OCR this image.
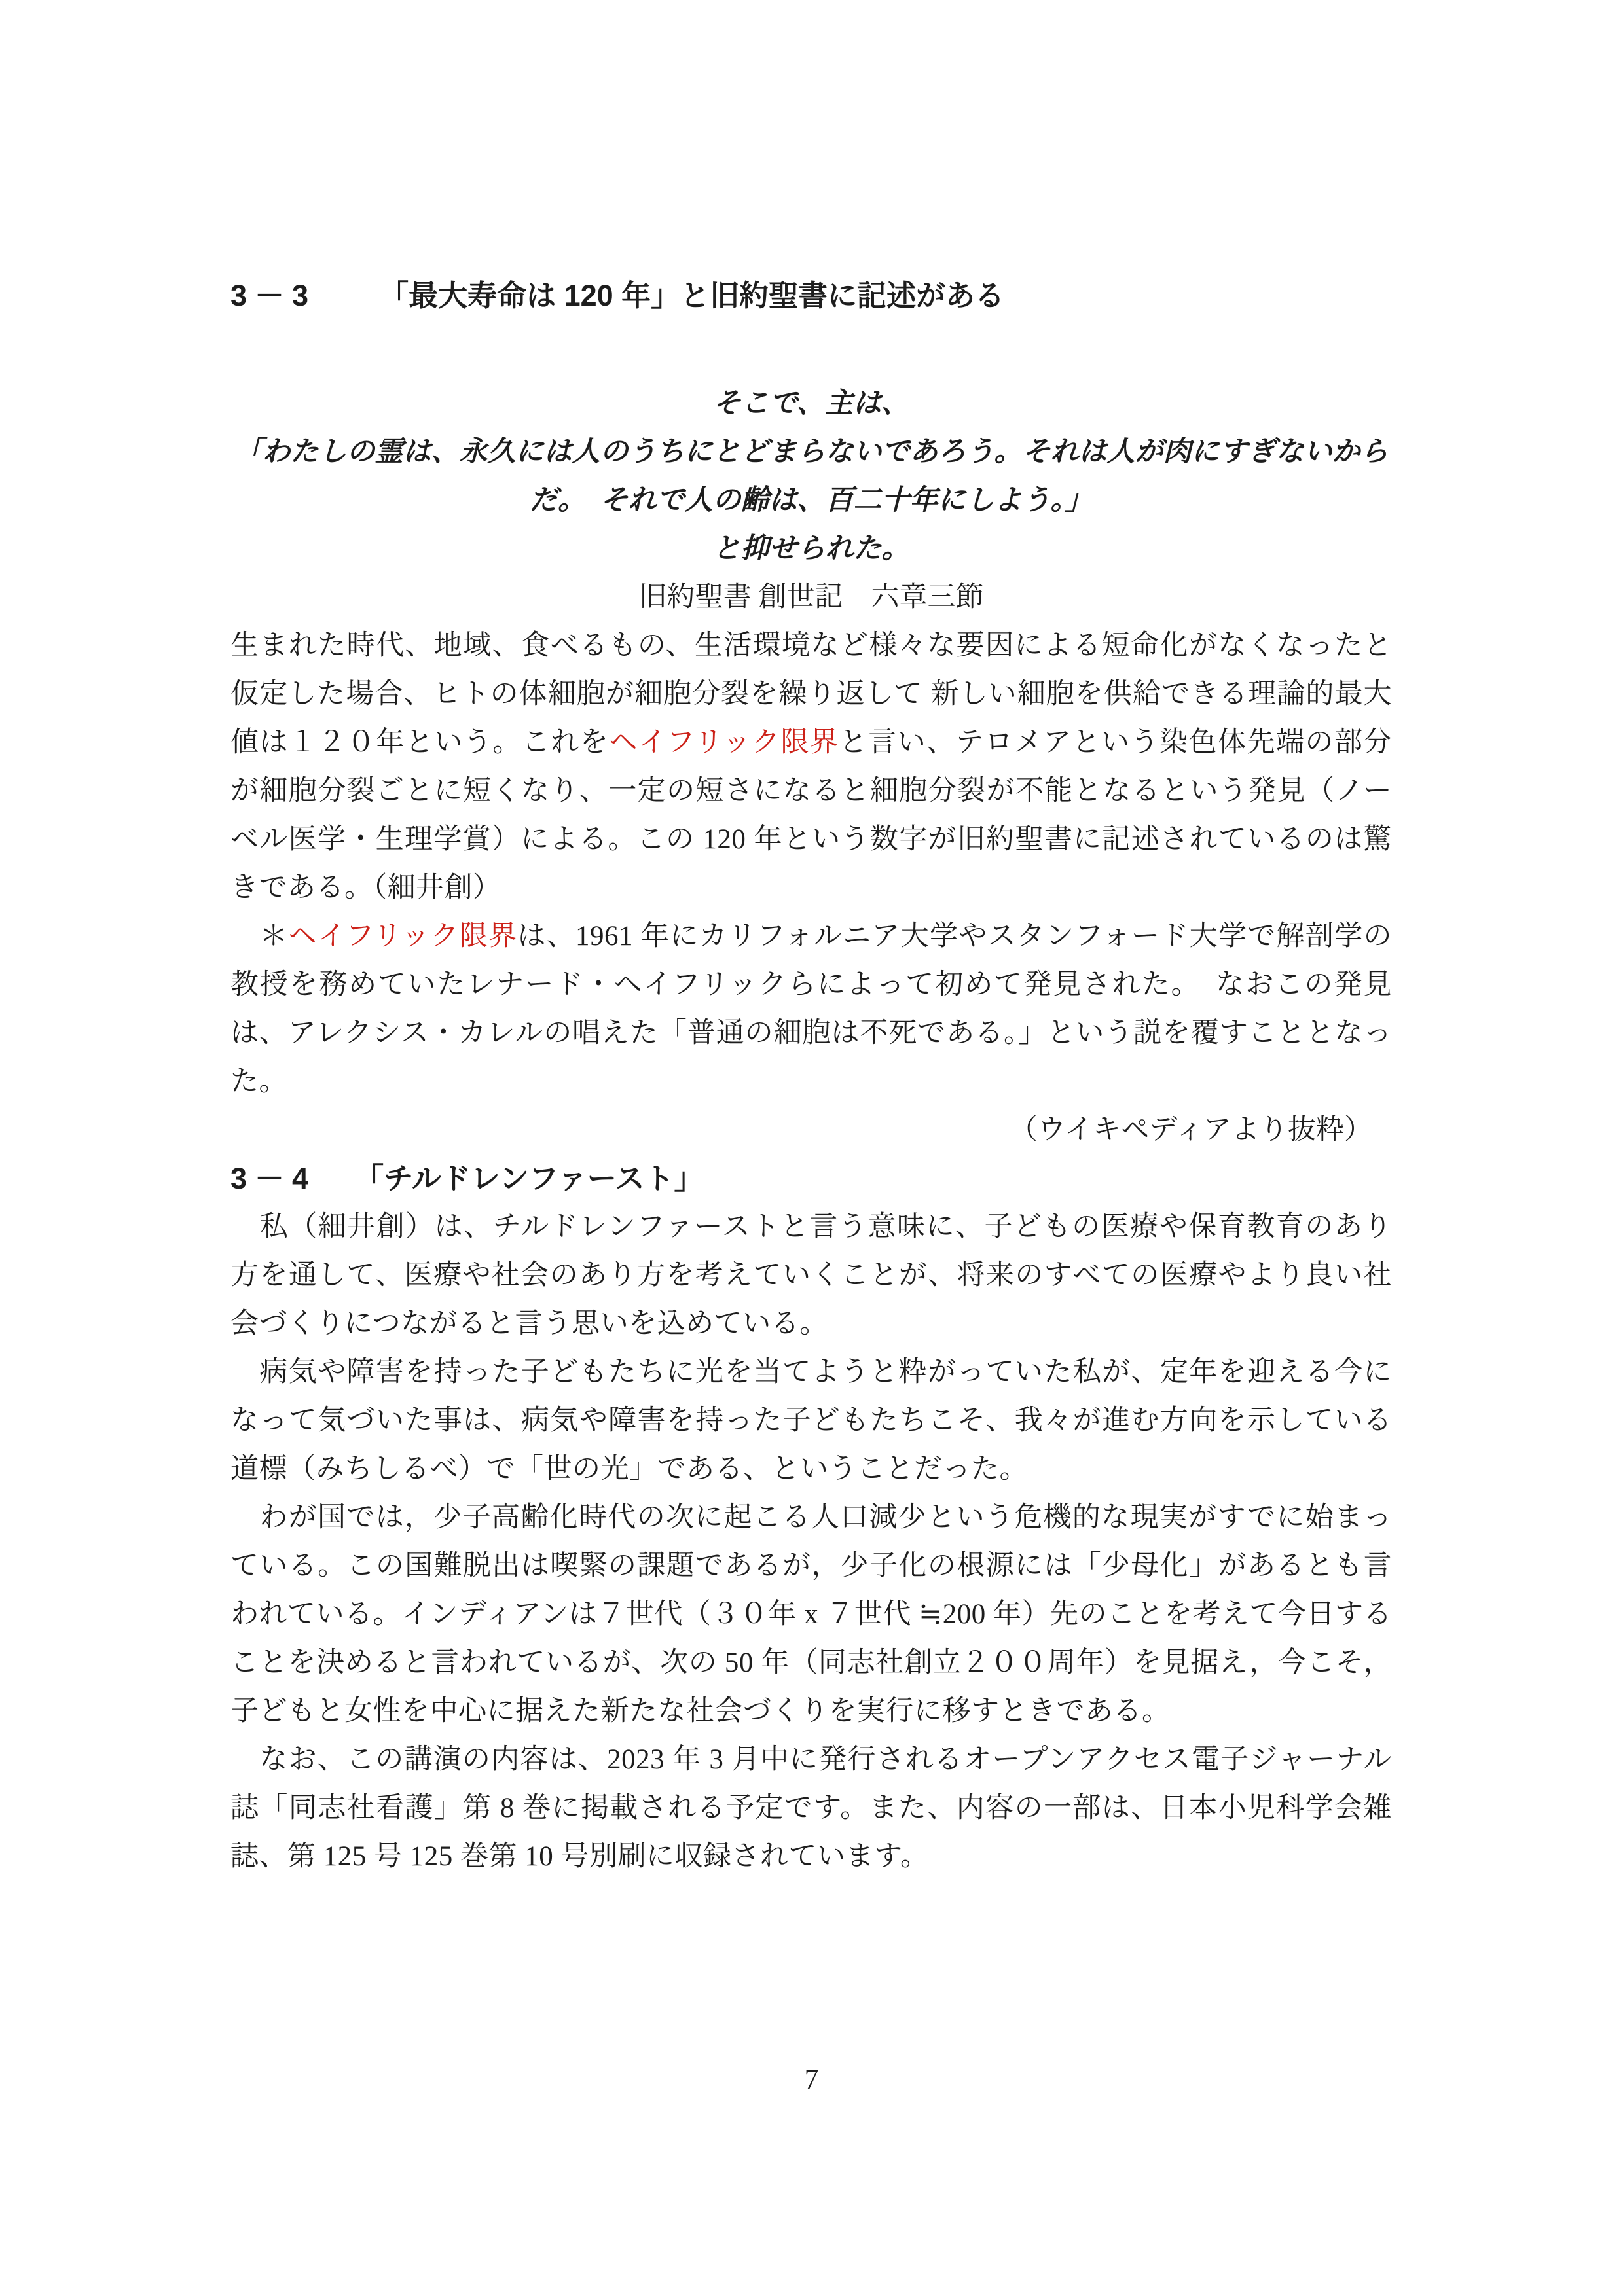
3－3 「最大寿命は 120 年」と旧約聖書に記述がある
そこで、主は、
「わたしの霊は、永久には人のうちにとどまらないであろう。それは人が肉にすぎないから
だ。　それで人の齢は、百二十年にしよう。」
と抑せられた。
旧約聖書 創世記　六章三節

生まれた時代、地域、食べるもの、生活環境など様々な要因による短命化がなくなったと仮定した場合、ヒトの体細胞が細胞分裂を繰り返して 新しい細胞を供給できる理論的最大値は１２０年という。これをヘイフリック限界と言い、テロメアという染色体先端の部分が細胞分裂ごとに短くなり、一定の短さになると細胞分裂が不能となるという発見（ノーベル医学・生理学賞）による。この 120 年という数字が旧約聖書に記述されているのは驚きである。（細井創）

　＊ヘイフリック限界は、1961 年にカリフォルニア大学やスタンフォード大学で解剖学の教授を務めていたレナード・ヘイフリックらによって初めて発見された。　なおこの発見は、アレクシス・カレルの唱えた「普通の細胞は不死である。」という説を覆すこととなった。

（ウイキペディアより抜粋）
3－4 「チルドレンファースト」

　私（細井創）は、チルドレンファーストと言う意味に、子どもの医療や保育教育のあり方を通して、医療や社会のあり方を考えていくことが、将来のすべての医療やより良い社会づくりにつながると言う思いを込めている。

　病気や障害を持った子どもたちに光を当てようと粋がっていた私が、定年を迎える今になって気づいた事は、病気や障害を持った子どもたちこそ、我々が進む方向を示している道標（みちしるべ）で「世の光」である、ということだった。

　わが国では，少子高齢化時代の次に起こる人口減少という危機的な現実がすでに始まっている。この国難脱出は喫緊の課題であるが，少子化の根源には「少母化」があるとも言われている。インディアンは７世代（３０年 x ７世代 ≒200 年）先のことを考えて今日することを決めると言われているが、次の 50 年（同志社創立２００周年）を見据え，今こそ，子どもと女性を中心に据えた新たな社会づくりを実行に移すときである。

　なお、この講演の内容は、2023 年 3 月中に発行されるオープンアクセス電子ジャーナル誌「同志社看護」第 8 巻に掲載される予定です。また、内容の一部は、日本小児科学会雑誌、第 125 号 125 巻第 10 号別刷に収録されています。

7
